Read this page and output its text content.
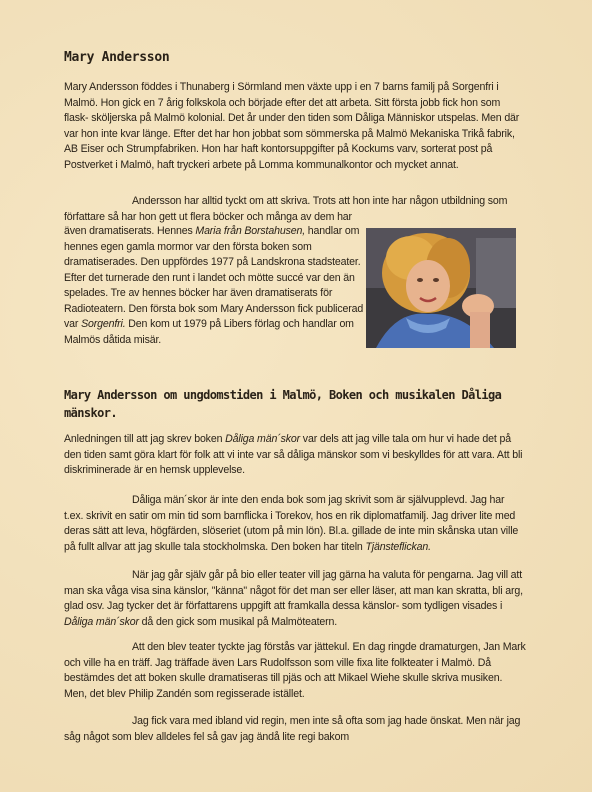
Mary Andersson

Mary Andersson föddes i Thunaberg i Sörmland men växte upp i en 7 barns familj på Sorgenfri i Malmö. Hon gick en 7 årig folkskola och började efter det att arbeta. Sitt första jobb fick hon som flask- sköljerska på Malmö kolonial. Det år under den tiden som Dåliga Människor utspelas. Men där var hon inte kvar länge. Efter det har hon jobbat som sömmerska på Malmö Mekaniska Trikå fabrik, AB Eiser och Strumpfabriken. Hon har haft kontorsuppgifter på Kockums varv, sorterat post på Postverket i Malmö, haft tryckeri arbete på Lomma kommunalkontor och mycket annat.

Andersson har alltid tyckt om att skriva. Trots att hon inte har någon utbildning som författare så har hon gett ut flera böcker och många av dem har

även dramatiserats. Hennes Maria från Borstahusen, handlar om hennes egen gamla mormor var den första boken som dramatiserades. Den uppfördes 1977 på Landskrona stadsteater. Efter det turnerade den runt i landet och mötte succé var den än spelades. Tre av hennes böcker har även dramatiserats för Radioteatern. Den första bok som Mary Andersson fick publicerad var Sorgenfri. Den kom ut 1979 på Libers förlag och handlar om Malmös dåtida misär.

Mary Andersson om ungdomstiden i Malmö, Boken och musikalen Dåliga mänskor.

Anledningen till att jag skrev boken Dåliga män´skor var dels att jag ville tala om hur vi hade det på den tiden samt göra klart för folk att vi inte var så dåliga mänskor som vi beskylldes för att vara. Att bli diskriminerade är en hemsk upplevelse.

Dåliga män´skor är inte den enda bok som jag skrivit som är självupplevd. Jag har t.ex. skrivit en satir om min tid som barnflicka i Torekov, hos en rik diplomatfamilj. Jag driver lite med deras sätt att leva, högfärden, slöseriet (utom på min lön). Bl.a. gillade de inte min skånska utan ville på fullt allvar att jag skulle tala stockholmska. Den boken har titeln Tjänsteflickan.

När jag går själv går på bio eller teater vill jag gärna ha valuta för pengarna. Jag vill att man ska våga visa sina känslor, "känna" något för det man ser eller läser, att man kan skratta, bli arg, glad osv. Jag tycker det är författarens uppgift att framkalla dessa känslor- som tydligen visades i Dåliga män´skor då den gick som musikal på Malmöteatern.

Att den blev teater tyckte jag förstås var jättekul. En dag ringde dramaturgen, Jan Mark och ville ha en träff. Jag träffade även Lars Rudolfsson som ville fixa lite folkteater i Malmö. Då bestämdes det att boken skulle dramatiseras till pjäs och att Mikael Wiehe skulle skriva musiken. Men, det blev Philip Zandén som regisserade istället.

Jag fick vara med ibland vid regin, men inte så ofta som jag hade önskat. Men när jag såg något som blev alldeles fel så gav jag ändå lite regi bakom
